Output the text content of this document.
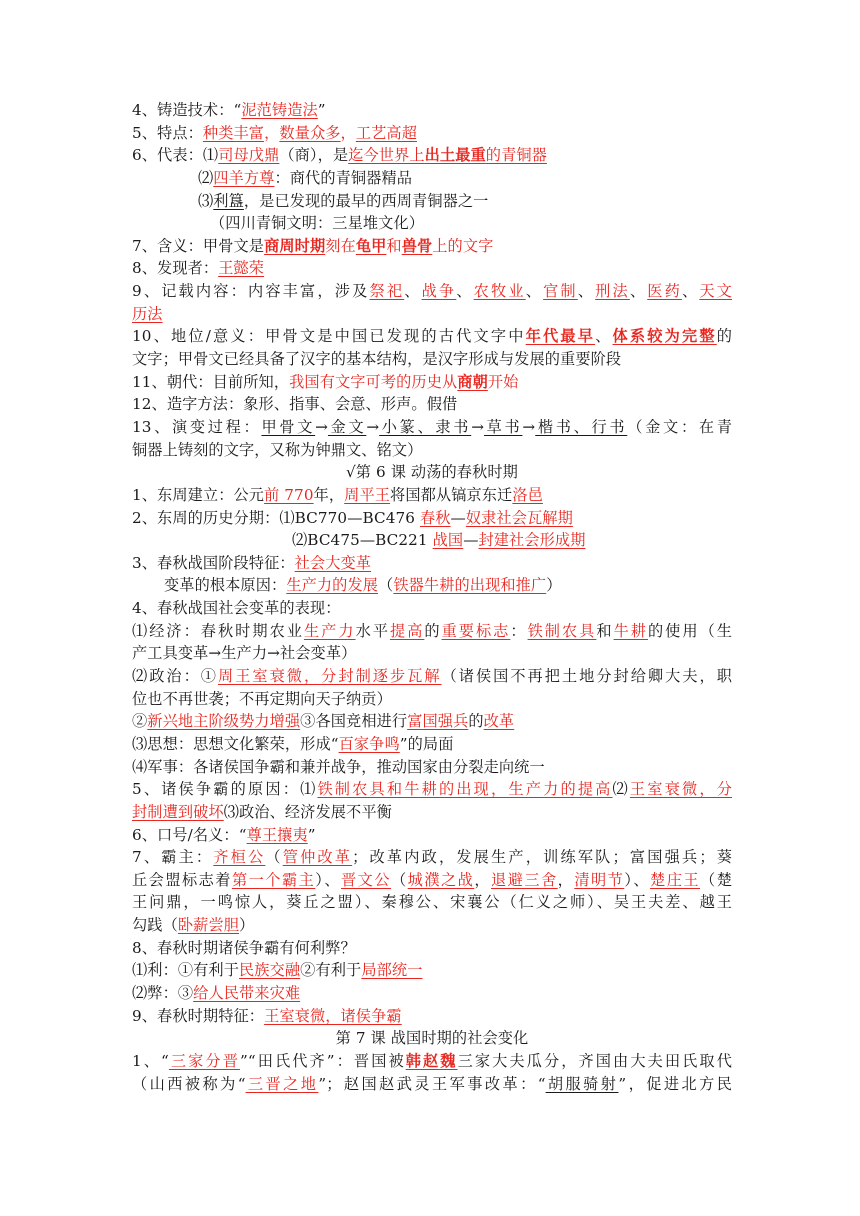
4、铸造技术：“泥范铸造法”
5、特点：种类丰富，数量众多，工艺高超
6、代表：⑴司母戊鼎（商），是迄今世界上出土最重的青铜器
⑵四羊方尊：商代的青铜器精品
⑶利簋，是已发现的最早的西周青铜器之一
（四川青铜文明：三星堆文化）
7、含义：甲骨文是商周时期刻在龟甲和兽骨上的文字
8、发现者：王懿荣
9、记载内容：内容丰富，涉及祭祀、战争、农牧业、官制、刑法、医药、天文
历法
10、地位/意义：甲骨文是中国已发现的古代文字中年代最早、体系较为完整的
文字；甲骨文已经具备了汉字的基本结构，是汉字形成与发展的重要阶段
11、朝代：目前所知，我国有文字可考的历史从商朝开始
12、造字方法：象形、指事、会意、形声。假借
13、演变过程：甲骨文→金文→小篆、隶书→草书→楷书、行书（金文：在青
铜器上铸刻的文字，又称为钟鼎文、铭文）
√第 6 课 动荡的春秋时期
1、东周建立：公元前 770年，周平王将国都从镐京东迁洛邑
2、东周的历史分期：⑴BC770—BC476 春秋—奴隶社会瓦解期
⑵BC475—BC221 战国—封建社会形成期
3、春秋战国阶段特征：社会大变革
变革的根本原因：生产力的发展（铁器牛耕的出现和推广）
4、春秋战国社会变革的表现：
⑴经济：春秋时期农业生产力水平提高的重要标志：铁制农具和牛耕的使用（生
产工具变革→生产力→社会变革）
⑵政治：①周王室衰微，分封制逐步瓦解（诸侯国不再把土地分封给卿大夫，职
位也不再世袭；不再定期向天子纳贡）
②新兴地主阶级势力增强③各国竞相进行富国强兵的改革
⑶思想：思想文化繁荣，形成“百家争鸣”的局面
⑷军事：各诸侯国争霸和兼并战争，推动国家由分裂走向统一
5、诸侯争霸的原因：⑴铁制农具和牛耕的出现，生产力的提高⑵王室衰微，分
封制遭到破坏⑶政治、经济发展不平衡
6、口号/名义：“尊王攘夷”
7、霸主：齐桓公（管仲改革；改革内政，发展生产，训练军队；富国强兵；葵
丘会盟标志着第一个霸主）、晋文公（城濮之战，退避三舍，清明节）、楚庄王（楚
王问鼎，一鸣惊人，葵丘之盟）、秦穆公、宋襄公（仁义之师）、吴王夫差、越王
勾践（卧薪尝胆）
8、春秋时期诸侯争霸有何利弊？
⑴利：①有利于民族交融②有利于局部统一
⑵弊：③给人民带来灾难
9、春秋时期特征：王室衰微，诸侯争霸
第 7 课 战国时期的社会变化
1、“三家分晋”“田氏代齐”：晋国被韩赵魏三家大夫瓜分，齐国由大夫田氏取代
（山西被称为“三晋之地”；赵国赵武灵王军事改革：“胡服骑射”，促进北方民
